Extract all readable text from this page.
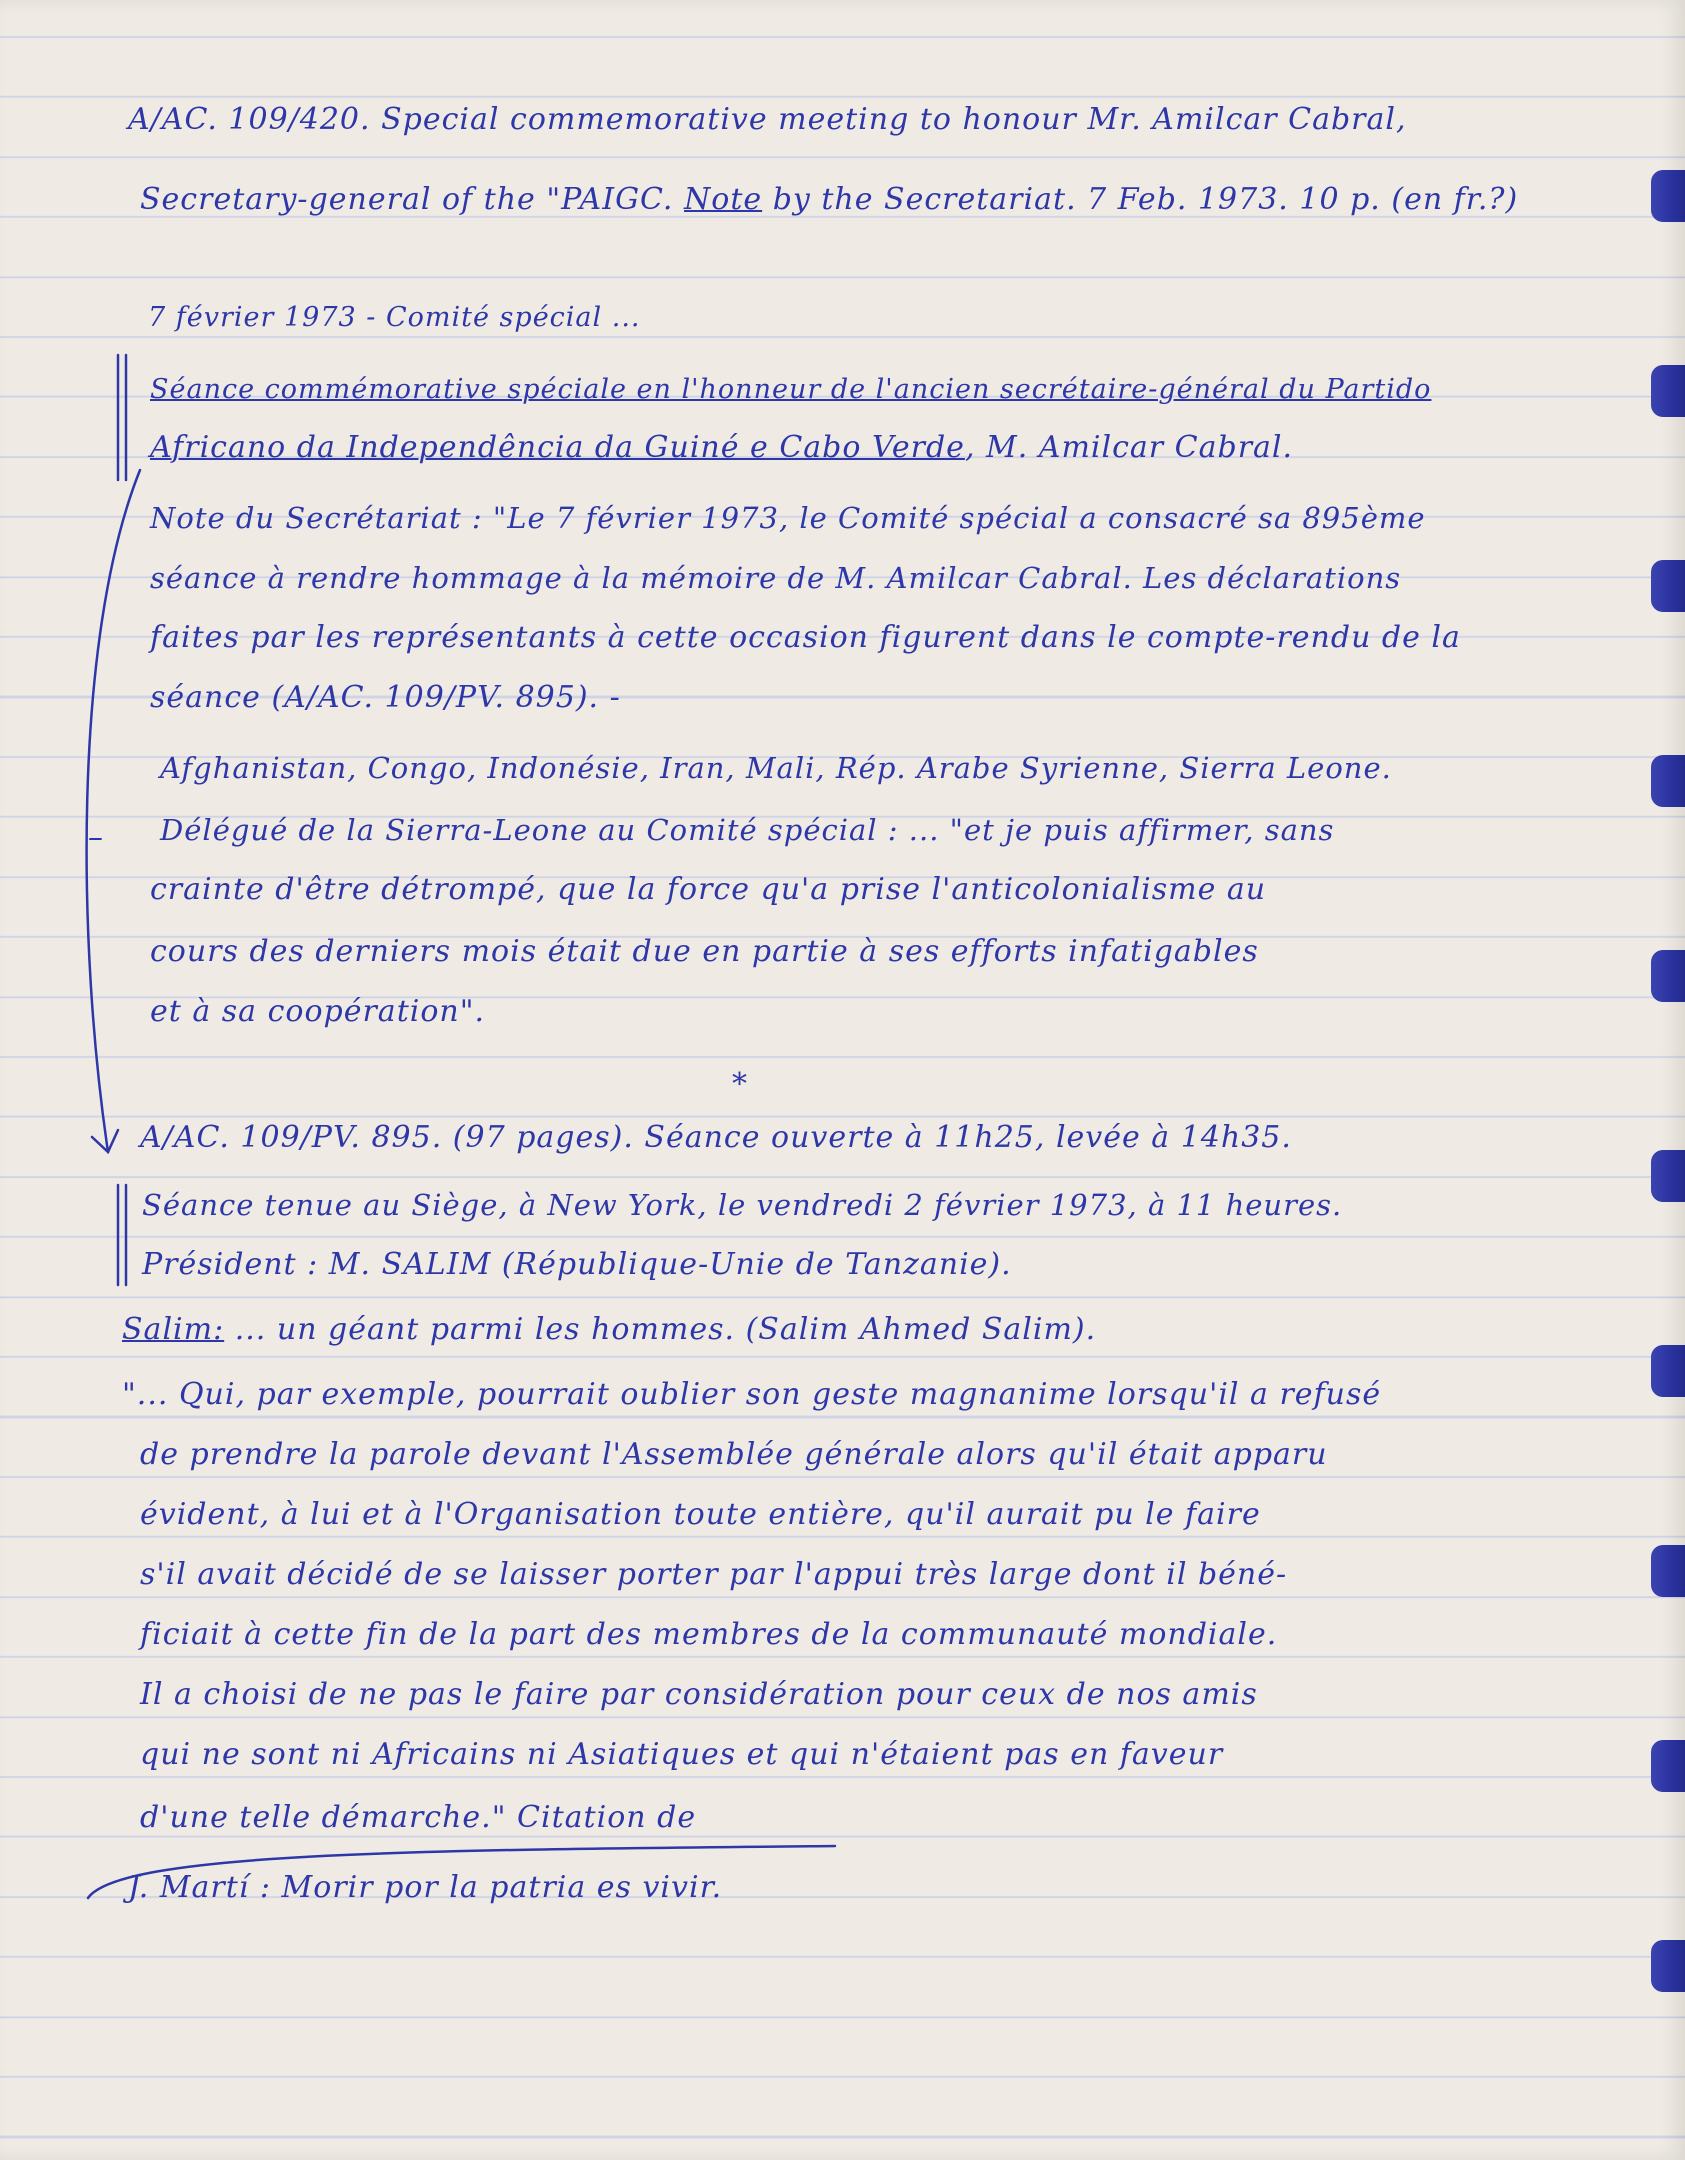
A/AC. 109/420. Special commemorative meeting to honour Mr. Amilcar Cabral,
Secretary-general of the "PAIGC. Note by the Secretariat. 7 Feb. 1973. 10 p. (en fr.?)
7 février 1973 - Comité spécial ...
Séance commémorative spéciale en l'honneur de l'ancien secrétaire-général du Partido
Africano da Independência da Guiné e Cabo Verde, M. Amilcar Cabral.
Note du Secrétariat : "Le 7 février 1973, le Comité spécial a consacré sa 895ème
séance à rendre hommage à la mémoire de M. Amilcar Cabral. Les déclarations
faites par les représentants à cette occasion figurent dans le compte-rendu de la
séance (A/AC. 109/PV. 895). -
Afghanistan, Congo, Indonésie, Iran, Mali, Rép. Arabe Syrienne, Sierra Leone.
Délégué de la Sierra-Leone au Comité spécial : ... "et je puis affirmer, sans
–
crainte d'être détrompé, que la force qu'a prise l'anticolonialisme au
cours des derniers mois était due en partie à ses efforts infatigables
et à sa coopération".
*
A/AC. 109/PV. 895. (97 pages). Séance ouverte à 11h25, levée à 14h35.
Séance tenue au Siège, à New York, le vendredi 2 février 1973, à 11 heures.
Président : M. SALIM (République-Unie de Tanzanie).
Salim: ... un géant parmi les hommes. (Salim Ahmed Salim).
"... Qui, par exemple, pourrait oublier son geste magnanime lorsqu'il a refusé
de prendre la parole devant l'Assemblée générale alors qu'il était apparu
évident, à lui et à l'Organisation toute entière, qu'il aurait pu le faire
s'il avait décidé de se laisser porter par l'appui très large dont il béné-
ficiait à cette fin de la part des membres de la communauté mondiale.
Il a choisi de ne pas le faire par considération pour ceux de nos amis
qui ne sont ni Africains ni Asiatiques et qui n'étaient pas en faveur
d'une telle démarche." Citation de
J. Martí : Morir por la patria es vivir.
